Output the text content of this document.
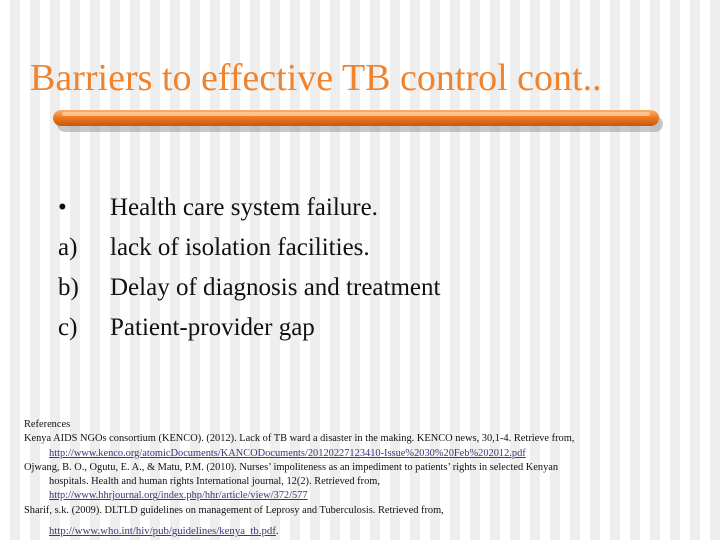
Barriers to effective TB control cont..
•	Health care system failure.
a)	lack of isolation facilities.
b)	Delay of diagnosis and treatment
c)	Patient-provider gap
References
Kenya AIDS NGOs consortium (KENCO). (2012). Lack of TB ward a disaster in the making. KENCO news, 30,1-4. Retrieve from,
http://www.kenco.org/atomicDocuments/KANCODocuments/20120227123410-Issue%2030%20Feb%202012.pdf
Ojwang, B. O., Ogutu, E. A., & Matu, P.M. (2010). Nurses’ impoliteness as an impediment to patients’ rights in selected Kenyan
hospitals. Health and human rights International journal, 12(2). Retrieved from,
http://www.hhrjournal.org/index.php/hhr/article/view/372/577
Sharif, s.k. (2009). DLTLD guidelines on management of Leprosy and Tuberculosis. Retrieved from,
http://www.who.int/hiv/pub/guidelines/kenya_tb.pdf.
